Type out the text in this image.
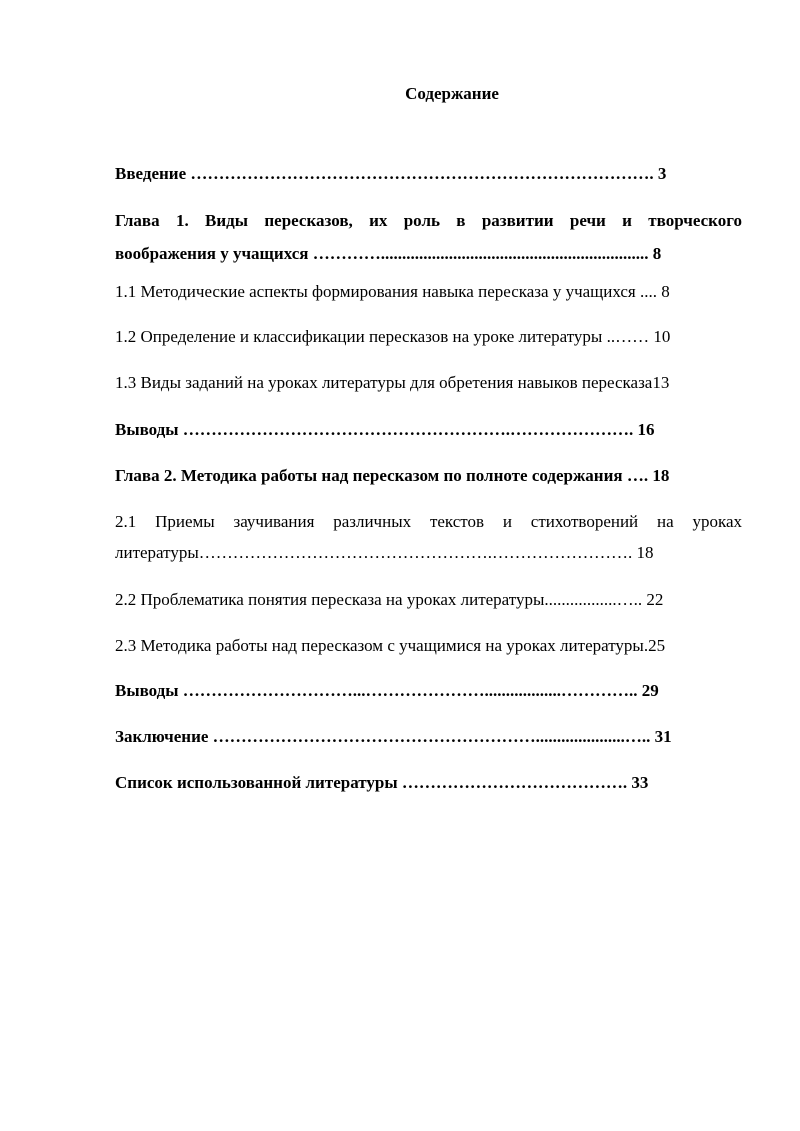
Содержание
Введение ………………………………………………………………………. 3
Глава 1. Виды пересказов, их роль в развитии речи и творческого
воображения у учащихся …………............................................................... 8
1.1 Методические аспекты формирования навыка пересказа у учащихся .... 8
1.2 Определение и классификации пересказов на уроке литературы ..…… 10
1.3 Виды заданий на уроках литературы для обретения навыков пересказа13
Выводы ………………………………………………….…………………. 16
Глава 2. Методика работы над пересказом по полноте содержания …. 18
2.1 Приемы заучивания различных текстов и стихотворений на уроках
литературы…………………………………………….……………………. 18
2.2 Проблематика понятия пересказа на уроках литературы.................….. 22
2.3 Методика работы над пересказом с учащимися на уроках литературы.25
Выводы …………………………...…………………..................………….. 29
Заключение ………………………………………………….....................….. 31
Список использованной литературы …………………………………. 33
